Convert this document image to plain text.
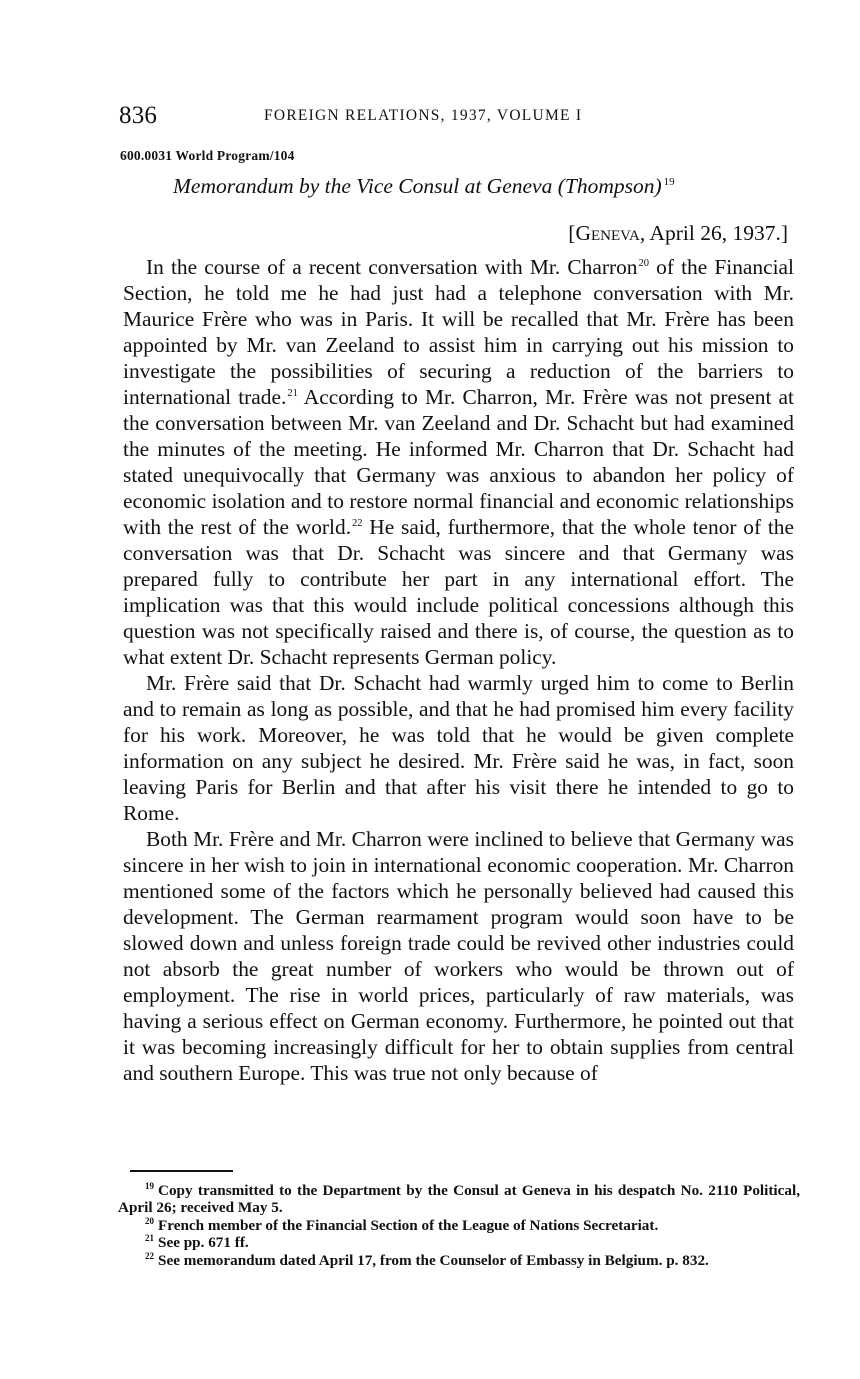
836	FOREIGN RELATIONS, 1937, VOLUME I
600.0031 World Program/104
Memorandum by the Vice Consul at Geneva (Thompson) $^{19}$
[Geneva, April 26, 1937.]

In the course of a recent conversation with Mr. Charron$^{20}$ of the Financial Section, he told me he had just had a telephone conversation with Mr. Maurice Frère who was in Paris. It will be recalled that Mr. Frère has been appointed by Mr. van Zeeland to assist him in carrying out his mission to investigate the possibilities of securing a reduction of the barriers to international trade.$^{21}$ According to Mr. Charron, Mr. Frère was not present at the conversation between Mr. van Zeeland and Dr. Schacht but had examined the minutes of the meeting. He informed Mr. Charron that Dr. Schacht had stated unequivocally that Germany was anxious to abandon her policy of economic isolation and to restore normal financial and economic relationships with the rest of the world.$^{22}$ He said, furthermore, that the whole tenor of the conversation was that Dr. Schacht was sincere and that Germany was prepared fully to contribute her part in any international effort. The implication was that this would include political concessions although this question was not specifically raised and there is, of course, the question as to what extent Dr. Schacht represents German policy.

Mr. Frère said that Dr. Schacht had warmly urged him to come to Berlin and to remain as long as possible, and that he had promised him every facility for his work. Moreover, he was told that he would be given complete information on any subject he desired. Mr. Frère said he was, in fact, soon leaving Paris for Berlin and that after his visit there he intended to go to Rome.

Both Mr. Frère and Mr. Charron were inclined to believe that Germany was sincere in her wish to join in international economic cooperation. Mr. Charron mentioned some of the factors which he personally believed had caused this development. The German rearmament program would soon have to be slowed down and unless foreign trade could be revived other industries could not absorb the great number of workers who would be thrown out of employment. The rise in world prices, particularly of raw materials, was having a serious effect on German economy. Furthermore, he pointed out that it was becoming increasingly difficult for her to obtain supplies from central and southern Europe. This was true not only because of

$^{19}$ Copy transmitted to the Department by the Consul at Geneva in his despatch No. 2110 Political, April 26; received May 5.

$^{20}$ French member of the Financial Section of the League of Nations Secretariat.

$^{21}$ See pp. 671 ff.

$^{22}$ See memorandum dated April 17, from the Counselor of Embassy in Belgium. p. 832.
